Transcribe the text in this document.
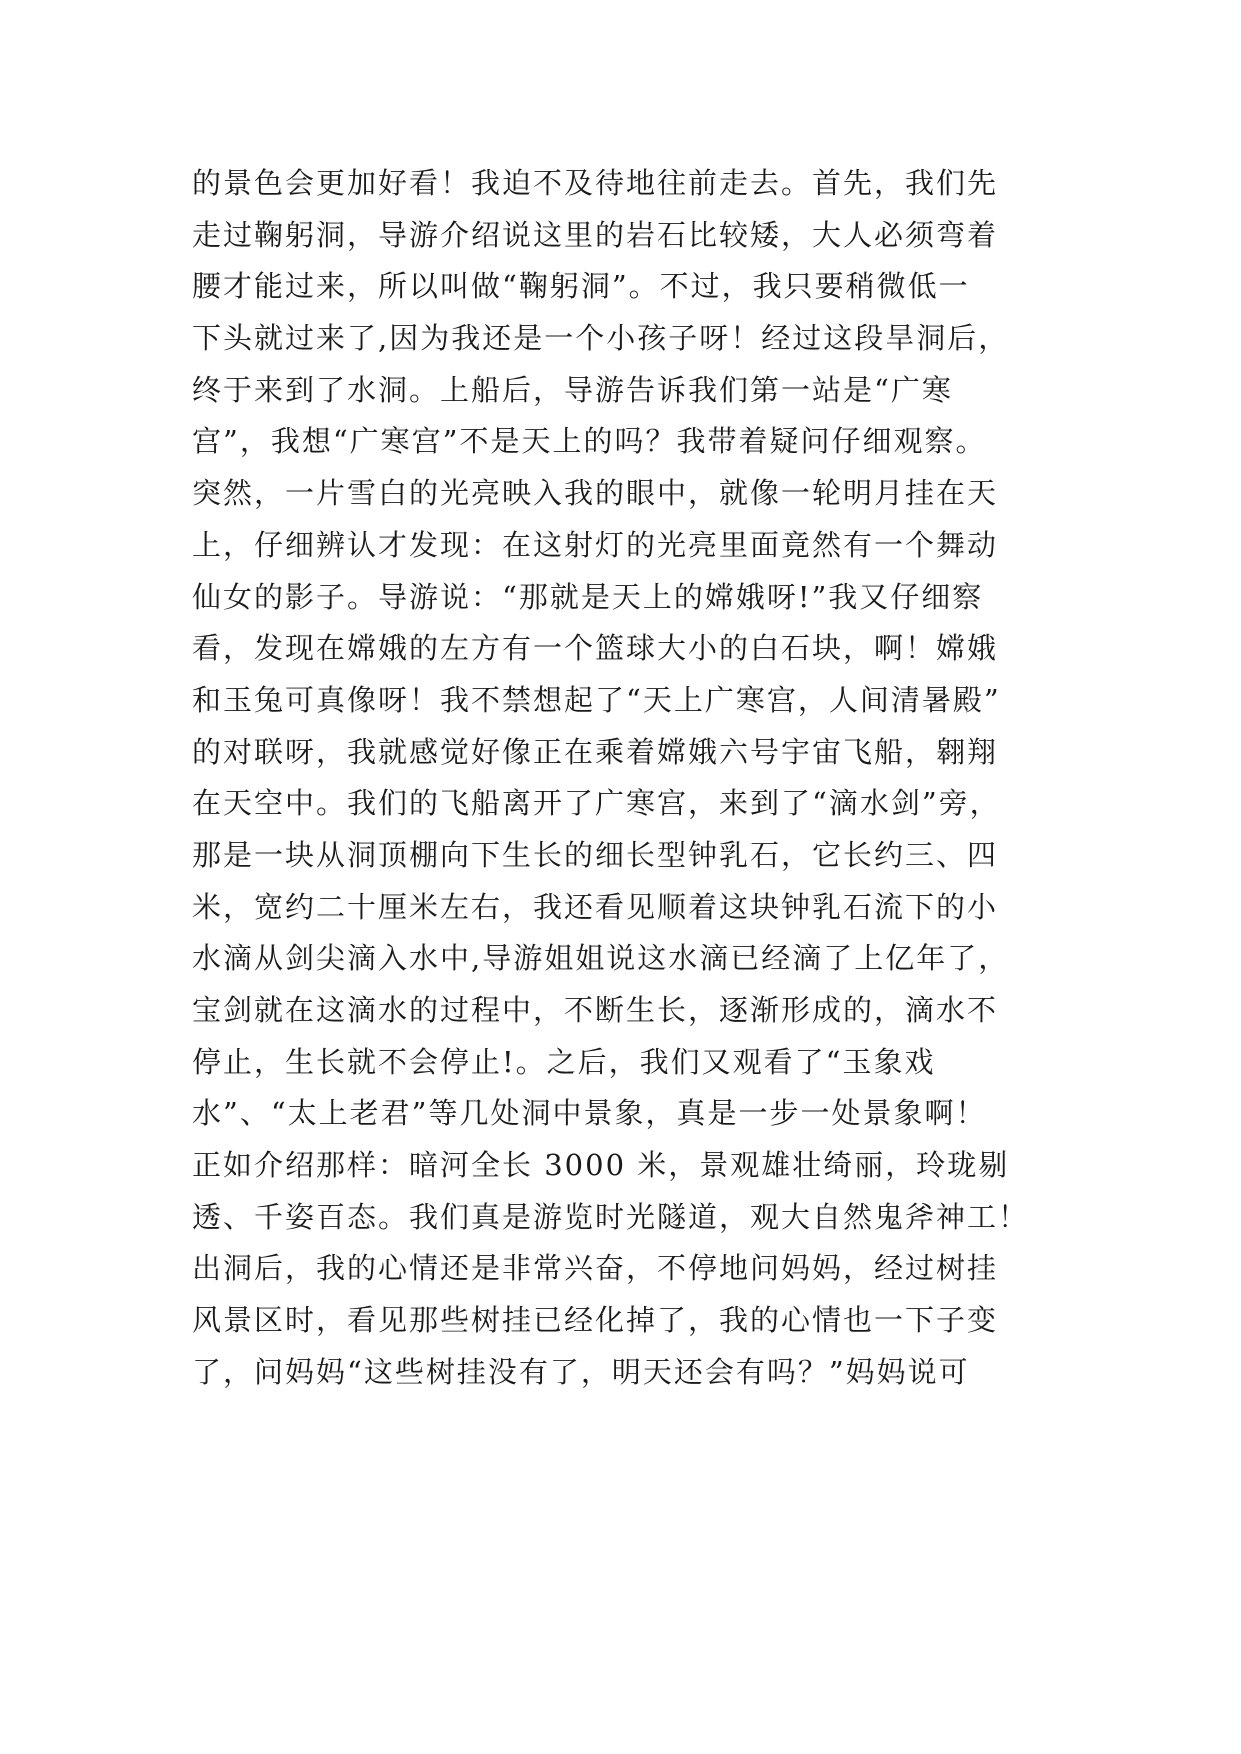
的景色会更加好看！我迫不及待地往前走去。首先，我们先
走过鞠躬洞，导游介绍说这里的岩石比较矮，大人必须弯着
腰才能过来，所以叫做“鞠躬洞”。不过，我只要稍微低一
下头就过来了,因为我还是一个小孩子呀！经过这段旱洞后，
终于来到了水洞。上船后，导游告诉我们第一站是“广寒
宫”，我想“广寒宫”不是天上的吗？我带着疑问仔细观察。
突然，一片雪白的光亮映入我的眼中，就像一轮明月挂在天
上，仔细辨认才发现：在这射灯的光亮里面竟然有一个舞动
仙女的影子。导游说：“那就是天上的嫦娥呀!”我又仔细察
看，发现在嫦娥的左方有一个篮球大小的白石块，啊！嫦娥
和玉兔可真像呀！我不禁想起了“天上广寒宫，人间清暑殿”
的对联呀，我就感觉好像正在乘着嫦娥六号宇宙飞船，翱翔
在天空中。我们的飞船离开了广寒宫，来到了“滴水剑”旁，
那是一块从洞顶棚向下生长的细长型钟乳石，它长约三、四
米，宽约二十厘米左右，我还看见顺着这块钟乳石流下的小
水滴从剑尖滴入水中,导游姐姐说这水滴已经滴了上亿年了，
宝剑就在这滴水的过程中，不断生长，逐渐形成的，滴水不
停止，生长就不会停止!。之后，我们又观看了“玉象戏
水”、“太上老君”等几处洞中景象，真是一步一处景象啊！
正如介绍那样：暗河全长 3000 米，景观雄壮绮丽，玲珑剔
透、千姿百态。我们真是游览时光隧道，观大自然鬼斧神工！
出洞后，我的心情还是非常兴奋，不停地问妈妈，经过树挂
风景区时，看见那些树挂已经化掉了，我的心情也一下子变
了，问妈妈“这些树挂没有了，明天还会有吗？”妈妈说可
